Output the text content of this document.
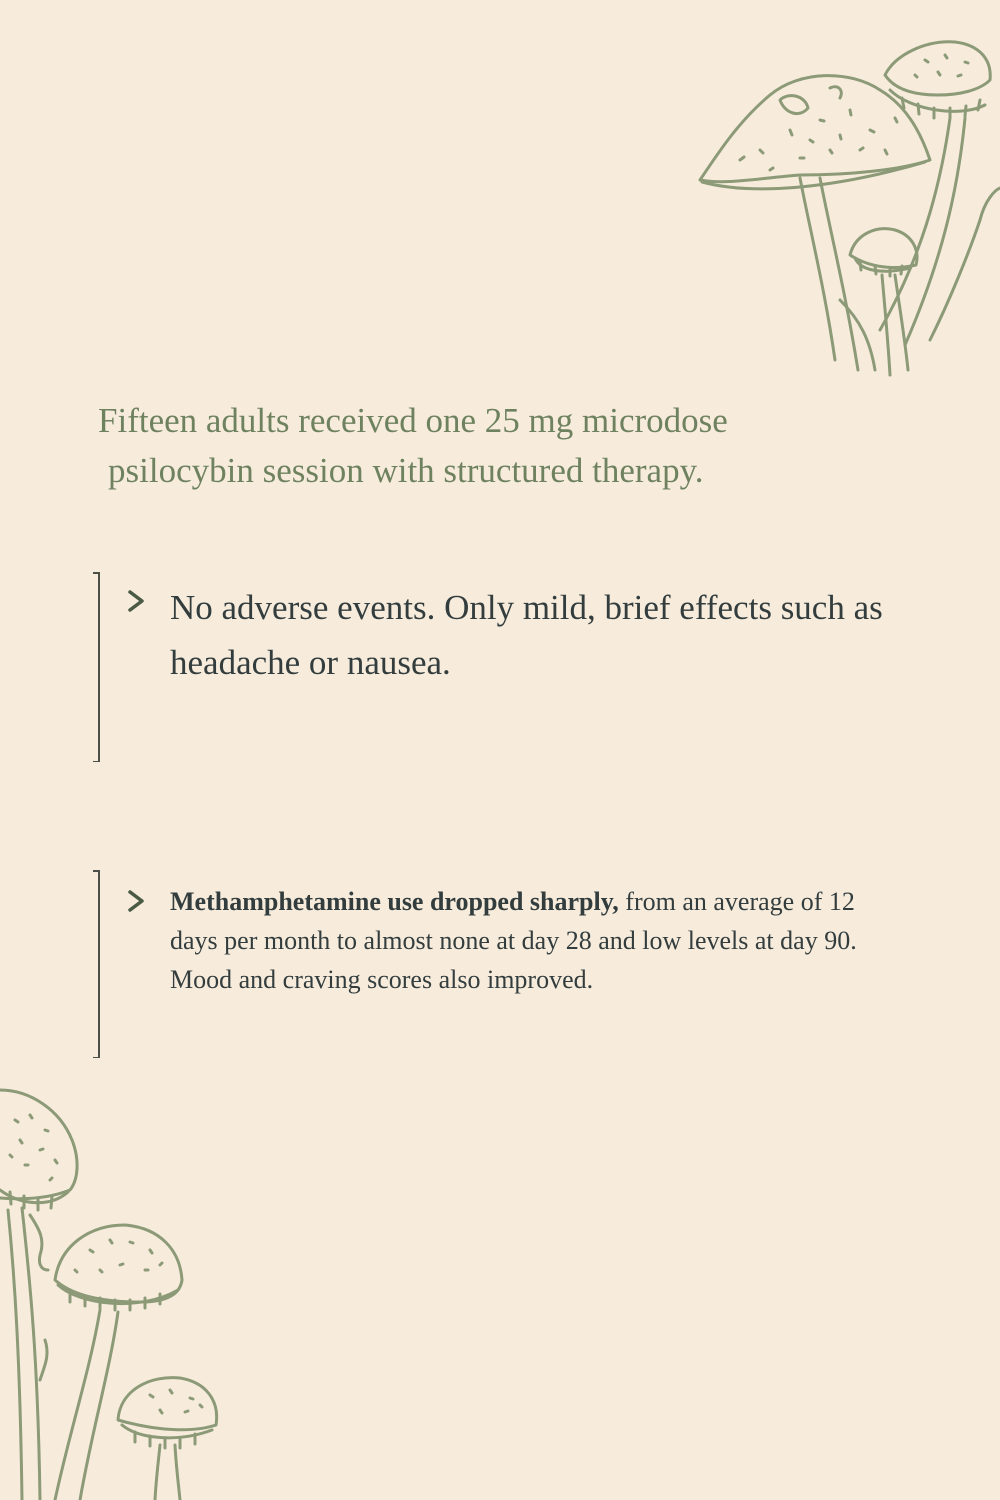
Fifteen adults received one 25 mg microdose
psilocybin session with structured therapy.

No adverse events. Only mild, brief effects such as headache or nausea.
Methamphetamine use dropped sharply, from an average of 12 days per month to almost none at day 28 and low levels at day 90. Mood and craving scores also improved.
